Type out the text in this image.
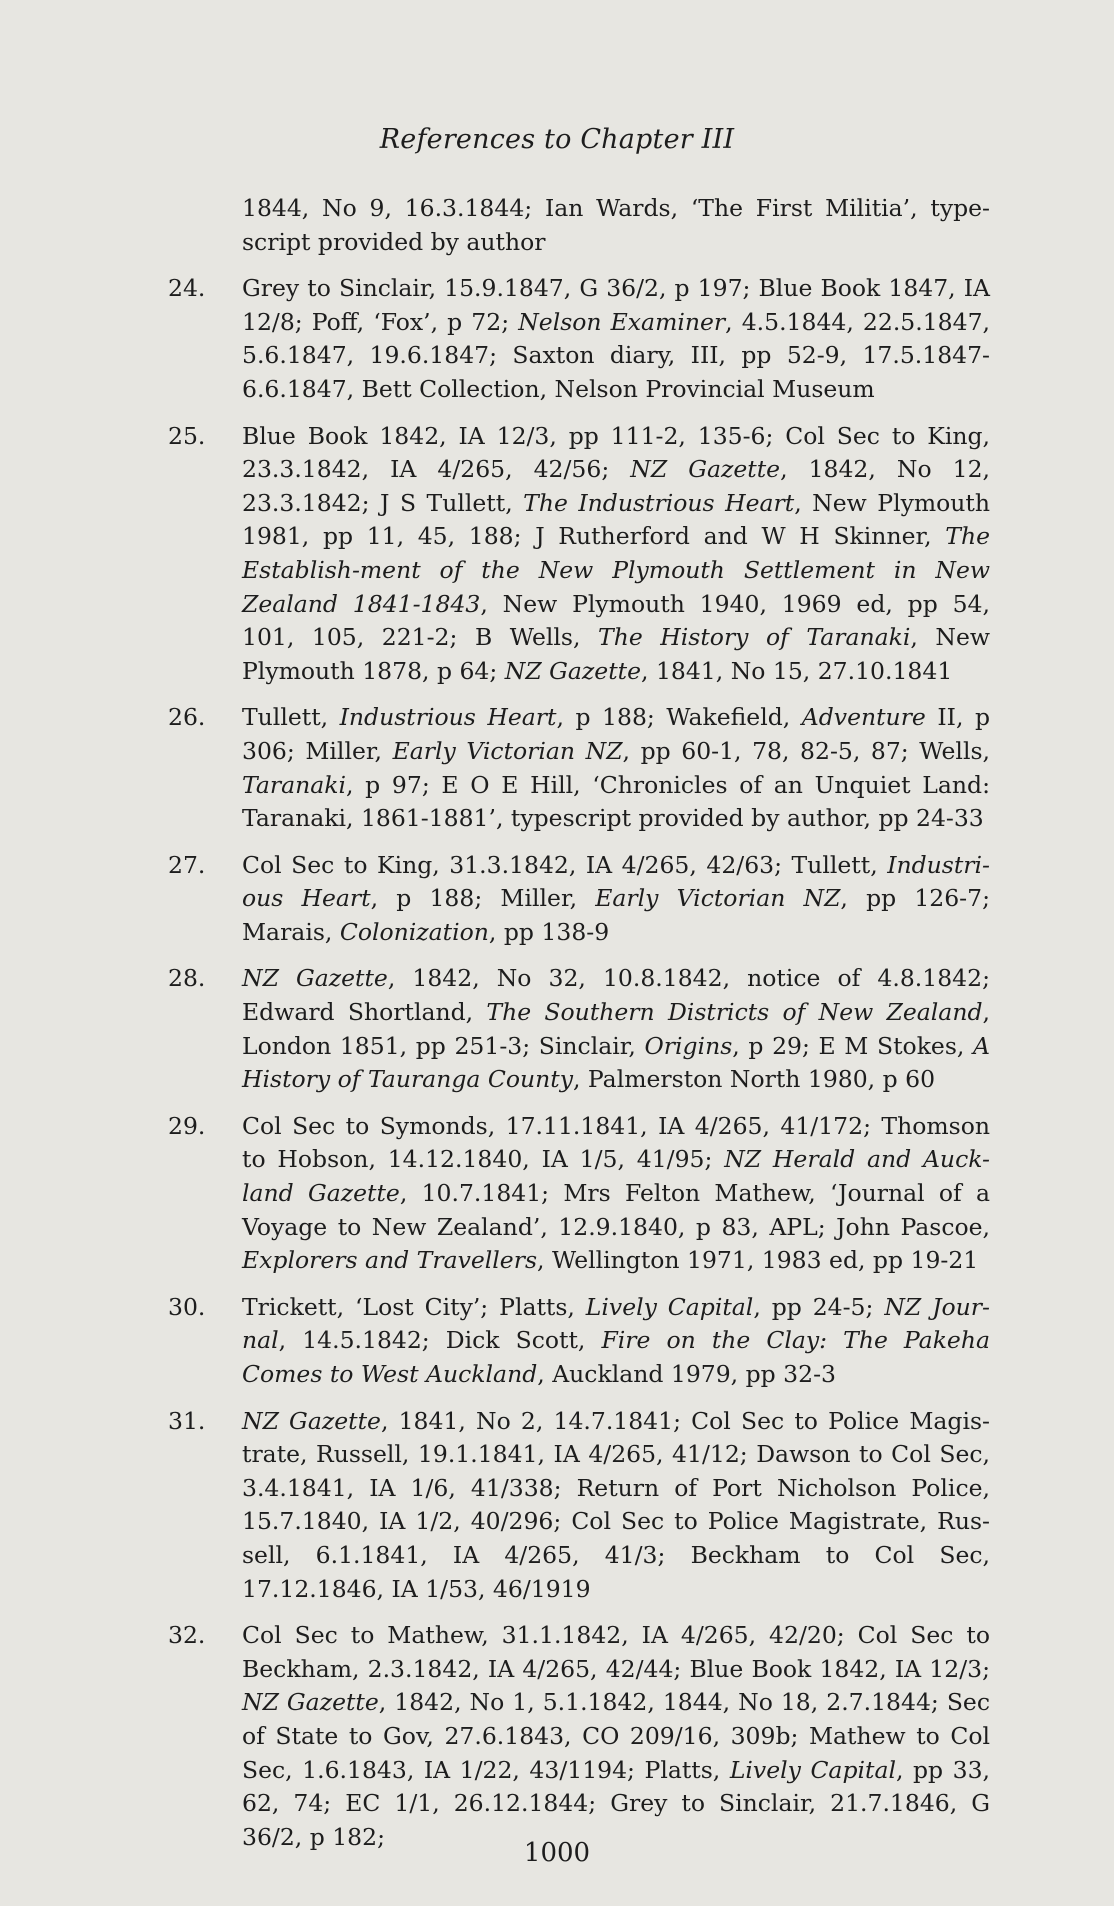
References to Chapter III
1844, No 9, 16.3.1844; Ian Wards, ‘The First Militia’, type-script provided by author
24. Grey to Sinclair, 15.9.1847, G 36/2, p 197; Blue Book 1847, IA 12/8; Poff, ‘Fox’, p 72; Nelson Examiner, 4.5.1844, 22.5.1847, 5.6.1847, 19.6.1847; Saxton diary, III, pp 52-9, 17.5.1847-6.6.1847, Bett Collection, Nelson Provincial Museum
25. Blue Book 1842, IA 12/3, pp 111-2, 135-6; Col Sec to King, 23.3.1842, IA 4/265, 42/56; NZ Gazette, 1842, No 12, 23.3.1842; J S Tullett, The Industrious Heart, New Plymouth 1981, pp 11, 45, 188; J Rutherford and W H Skinner, The Establish-ment of the New Plymouth Settlement in New Zealand 1841-1843, New Plymouth 1940, 1969 ed, pp 54, 101, 105, 221-2; B Wells, The History of Taranaki, New Plymouth 1878, p 64; NZ Gazette, 1841, No 15, 27.10.1841
26. Tullett, Industrious Heart, p 188; Wakefield, Adventure II, p 306; Miller, Early Victorian NZ, pp 60-1, 78, 82-5, 87; Wells, Taranaki, p 97; E O E Hill, ‘Chronicles of an Unquiet Land: Taranaki, 1861-1881’, typescript provided by author, pp 24-33
27. Col Sec to King, 31.3.1842, IA 4/265, 42/63; Tullett, Industri-ous Heart, p 188; Miller, Early Victorian NZ, pp 126-7; Marais, Colonization, pp 138-9
28. NZ Gazette, 1842, No 32, 10.8.1842, notice of 4.8.1842; Edward Shortland, The Southern Districts of New Zealand, London 1851, pp 251-3; Sinclair, Origins, p 29; E M Stokes, A History of Tauranga County, Palmerston North 1980, p 60
29. Col Sec to Symonds, 17.11.1841, IA 4/265, 41/172; Thomson to Hobson, 14.12.1840, IA 1/5, 41/95; NZ Herald and Auck-land Gazette, 10.7.1841; Mrs Felton Mathew, ‘Journal of a Voyage to New Zealand’, 12.9.1840, p 83, APL; John Pascoe, Explorers and Travellers, Wellington 1971, 1983 ed, pp 19-21
30. Trickett, ‘Lost City’; Platts, Lively Capital, pp 24-5; NZ Jour-nal, 14.5.1842; Dick Scott, Fire on the Clay: The Pakeha Comes to West Auckland, Auckland 1979, pp 32-3
31. NZ Gazette, 1841, No 2, 14.7.1841; Col Sec to Police Magis-trate, Russell, 19.1.1841, IA 4/265, 41/12; Dawson to Col Sec, 3.4.1841, IA 1/6, 41/338; Return of Port Nicholson Police, 15.7.1840, IA 1/2, 40/296; Col Sec to Police Magistrate, Rus-sell, 6.1.1841, IA 4/265, 41/3; Beckham to Col Sec, 17.12.1846, IA 1/53, 46/1919
32. Col Sec to Mathew, 31.1.1842, IA 4/265, 42/20; Col Sec to Beckham, 2.3.1842, IA 4/265, 42/44; Blue Book 1842, IA 12/3; NZ Gazette, 1842, No 1, 5.1.1842, 1844, No 18, 2.7.1844; Sec of State to Gov, 27.6.1843, CO 209/16, 309b; Mathew to Col Sec, 1.6.1843, IA 1/22, 43/1194; Platts, Lively Capital, pp 33, 62, 74; EC 1/1, 26.12.1844; Grey to Sinclair, 21.7.1846, G 36/2, p 182;
1000
